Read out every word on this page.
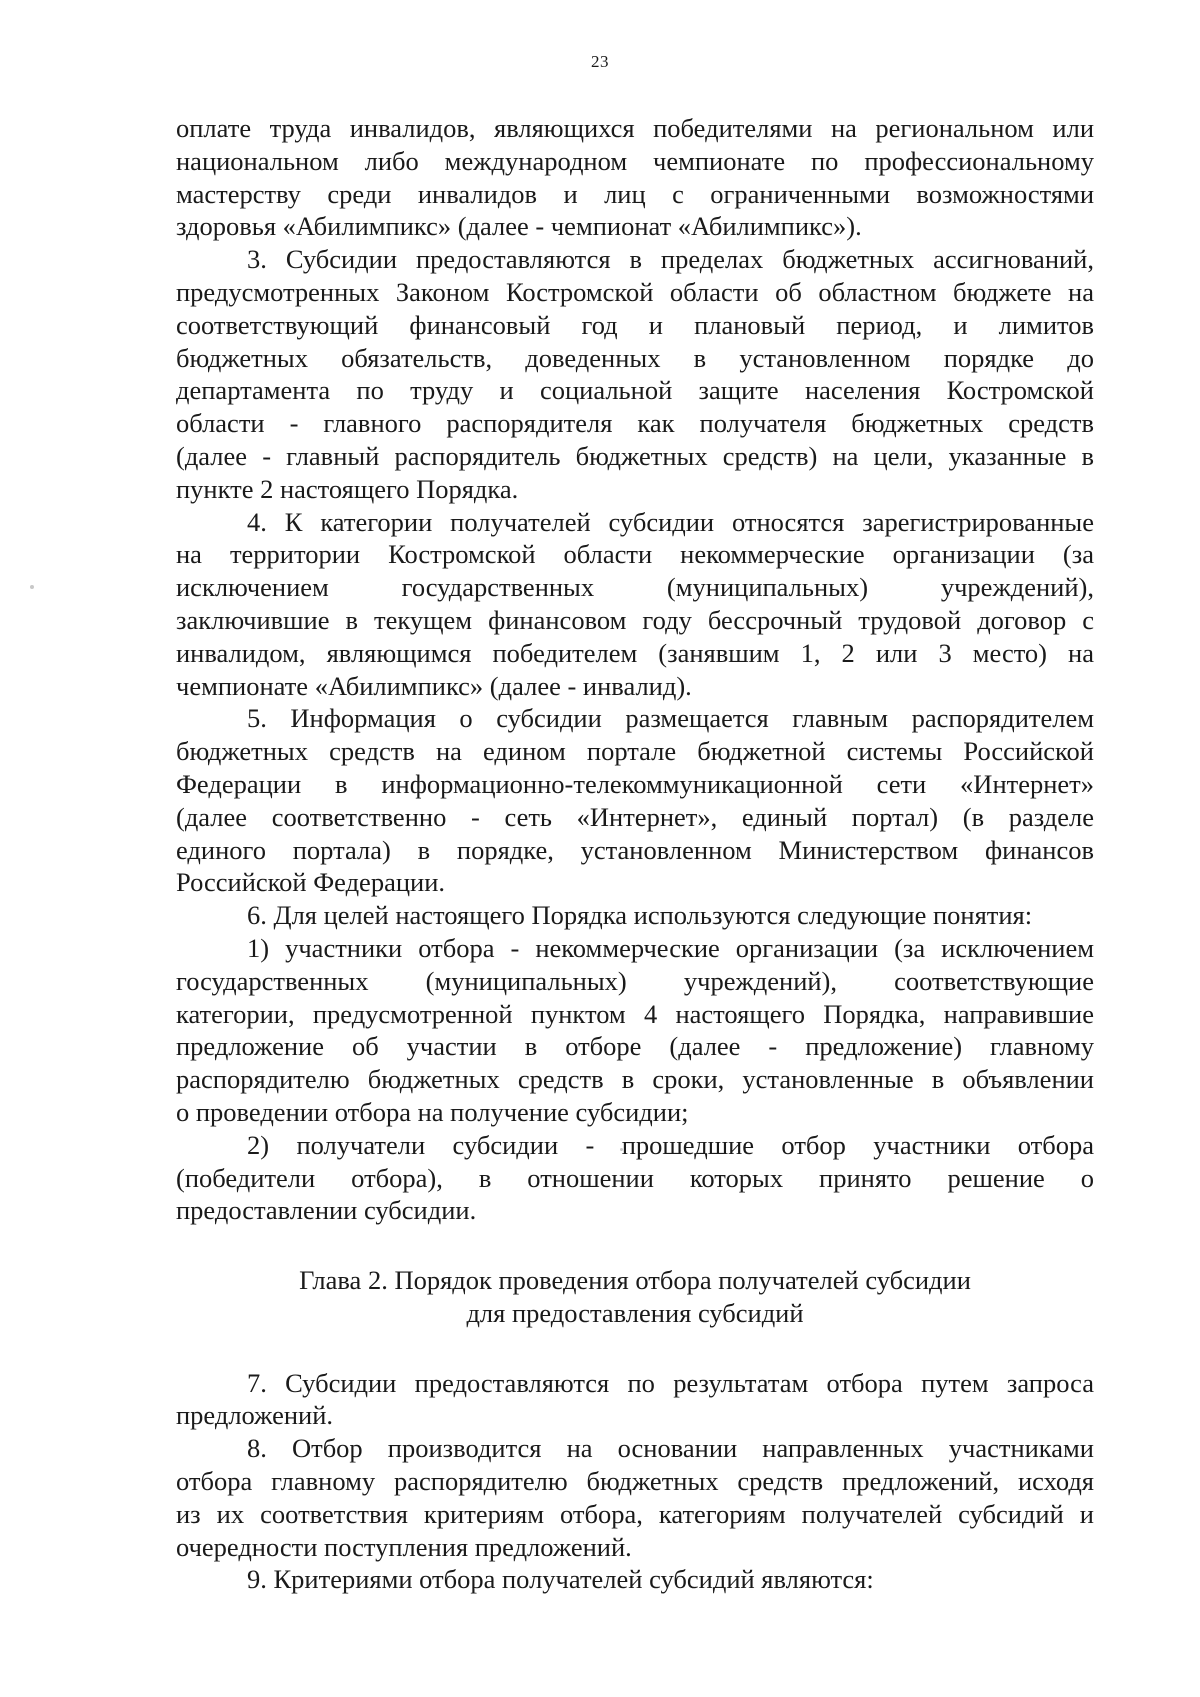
23
оплате труда инвалидов, являющихся победителями на региональном или
национальном либо международном чемпионате по профессиональному
мастерству среди инвалидов и лиц с ограниченными возможностями
здоровья «Абилимпикс» (далее - чемпионат «Абилимпикс»).
3. Субсидии предоставляются в пределах бюджетных ассигнований,
предусмотренных Законом Костромской области об областном бюджете на
соответствующий финансовый год и плановый период, и лимитов
бюджетных обязательств, доведенных в установленном порядке до
департамента по труду и социальной защите населения Костромской
области - главного распорядителя как получателя бюджетных средств
(далее - главный распорядитель бюджетных средств) на цели, указанные в
пункте 2 настоящего Порядка.
4. К категории получателей субсидии относятся зарегистрированные
на территории Костромской области некоммерческие организации (за
исключением государственных (муниципальных) учреждений),
заключившие в текущем финансовом году бессрочный трудовой договор с
инвалидом, являющимся победителем (занявшим 1, 2 или 3 место) на
чемпионате «Абилимпикс» (далее - инвалид).
5. Информация о субсидии размещается главным распорядителем
бюджетных средств на едином портале бюджетной системы Российской
Федерации в информационно-телекоммуникационной сети «Интернет»
(далее соответственно - сеть «Интернет», единый портал) (в разделе
единого портала) в порядке, установленном Министерством финансов
Российской Федерации.
6. Для целей настоящего Порядка используются следующие понятия:
1) участники отбора - некоммерческие организации (за исключением
государственных (муниципальных) учреждений), соответствующие
категории, предусмотренной пунктом 4 настоящего Порядка, направившие
предложение об участии в отборе (далее - предложение) главному
распорядителю бюджетных средств в сроки, установленные в объявлении
о проведении отбора на получение субсидии;
2) получатели субсидии - прошедшие отбор участники отбора
(победители отбора), в отношении которых принято решение о
предоставлении субсидии.
Глава 2. Порядок проведения отбора получателей субсидии
для предоставления субсидий
7. Субсидии предоставляются по результатам отбора путем запроса
предложений.
8. Отбор производится на основании направленных участниками
отбора главному распорядителю бюджетных средств предложений, исходя
из их соответствия критериям отбора, категориям получателей субсидий и
очередности поступления предложений.
9. Критериями отбора получателей субсидий являются:
